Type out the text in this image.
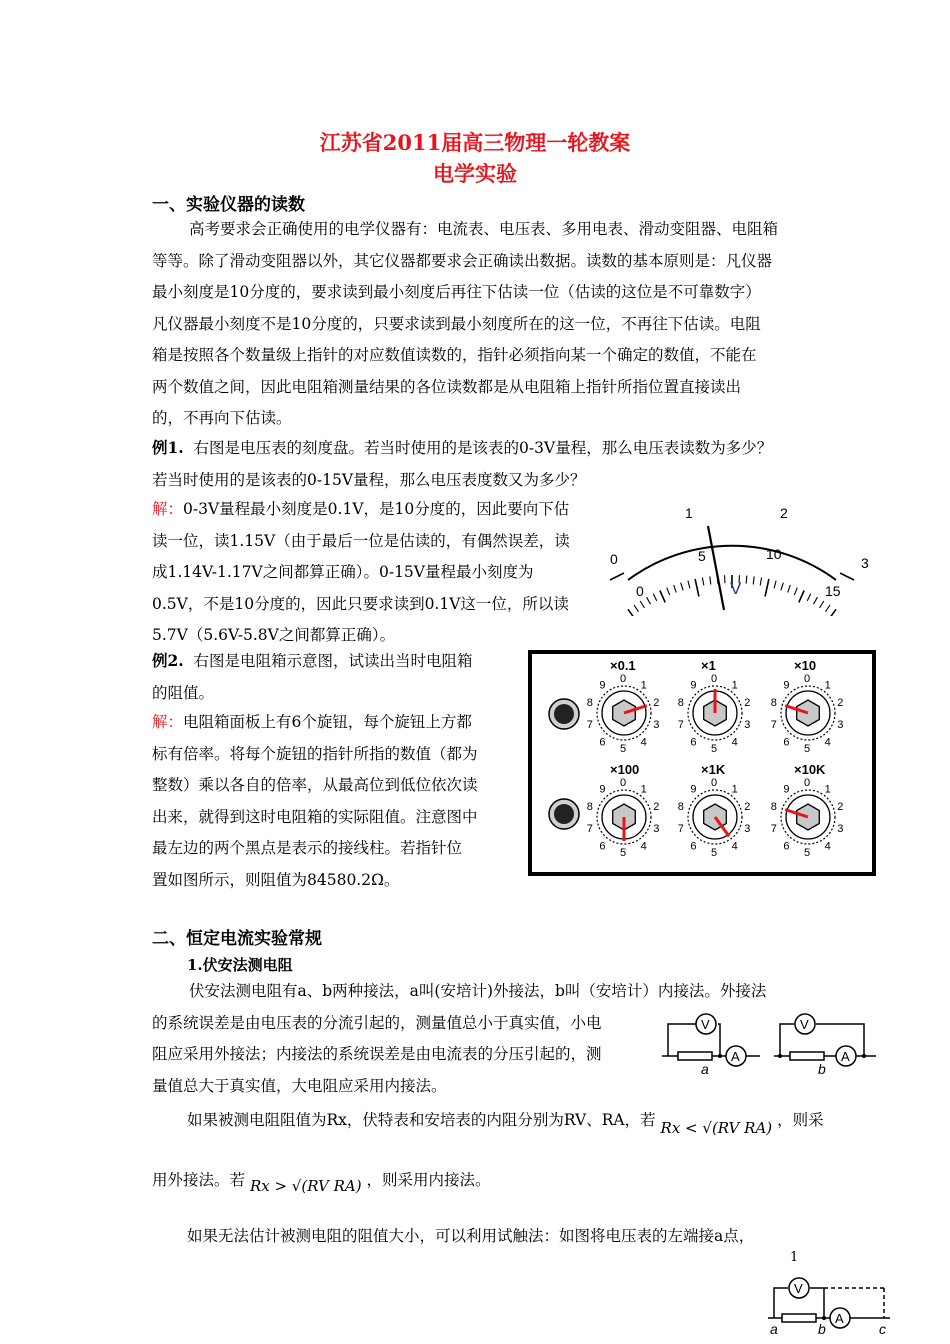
江苏省2011届高三物理一轮教案
电学实验
一、实验仪器的读数

高考要求会正确使用的电学仪器有：电流表、电压表、多用电表、滑动变阻器、电阻箱

等等。除了滑动变阻器以外，其它仪器都要求会正确读出数据。读数的基本原则是：凡仪器

最小刻度是10分度的，要求读到最小刻度后再往下估读一位（估读的这位是不可靠数字）

凡仪器最小刻度不是10分度的，只要求读到最小刻度所在的这一位，不再往下估读。电阻

箱是按照各个数量级上指针的对应数值读数的，指针必须指向某一个确定的数值，不能在

两个数值之间，因此电阻箱测量结果的各位读数都是从电阻箱上指针所指位置直接读出

的，不再向下估读。

例1. 右图是电压表的刻度盘。若当时使用的是该表的0-3V量程，那么电压表读数为多少？

若当时使用的是该表的0-15V量程，那么电压表度数又为多少？

解：0-3V量程最小刻度是0.1V，是10分度的，因此要向下估

读一位，读1.15V（由于最后一位是估读的，有偶然误差，读

成1.14V-1.17V之间都算正确）。0-15V量程最小刻度为

0.5V，不是10分度的，因此只要求读到0.1V这一位，所以读

5.7V（5.6V-5.8V之间都算正确）。

0
1	2
3
0
5	10
15
V

例2. 右图是电阻箱示意图，试读出当时电阻箱

的阻值。

解：电阻箱面板上有6个旋钮，每个旋钮上方都

标有倍率。将每个旋钮的指针所指的数值（都为

整数）乘以各自的倍率，从最高位到低位依次读

出来，就得到这时电阻箱的实际阻值。注意图中

最左边的两个黑点是表示的接线柱。若指针位

置如图所示，则阻值为84580.2Ω。

×0.1
0
1
2
3
4
5
6
7
8
9
×1
0
1
2
3
4
5
6
7
8
9
×10
0
1
2
3
4
5
6
7
8
9
×100
0
1
2
3
4
5
6
7
8
9
×1K
0
1
2
3
4
5
6
7
8
9
×10K
0
1
2
3
4
5
6
7
8
9
二、恒定电流实验常规
1.伏安法测电阻

伏安法测电阻有a、b两种接法，a叫(安培计)外接法，b叫（安培计）内接法。外接法

的系统误差是由电压表的分流引起的，测量值总小于真实值，小电

阻应采用外接法；内接法的系统误差是由电流表的分压引起的，测

量值总大于真实值，大电阻应采用内接法。

V
A
a
V
A
b
如果被测电阻阻值为Rx，伏特表和安培表的内阻分别为RV、RA，若 Rx < √(RV RA) ，则采
用外接法。若 Rx > √(RV RA) ，则采用内接法。
如果无法估计被测电阻的阻值大小，可以利用试触法：如图将电压表的左端接a点，
1
V
A
a	b	c
